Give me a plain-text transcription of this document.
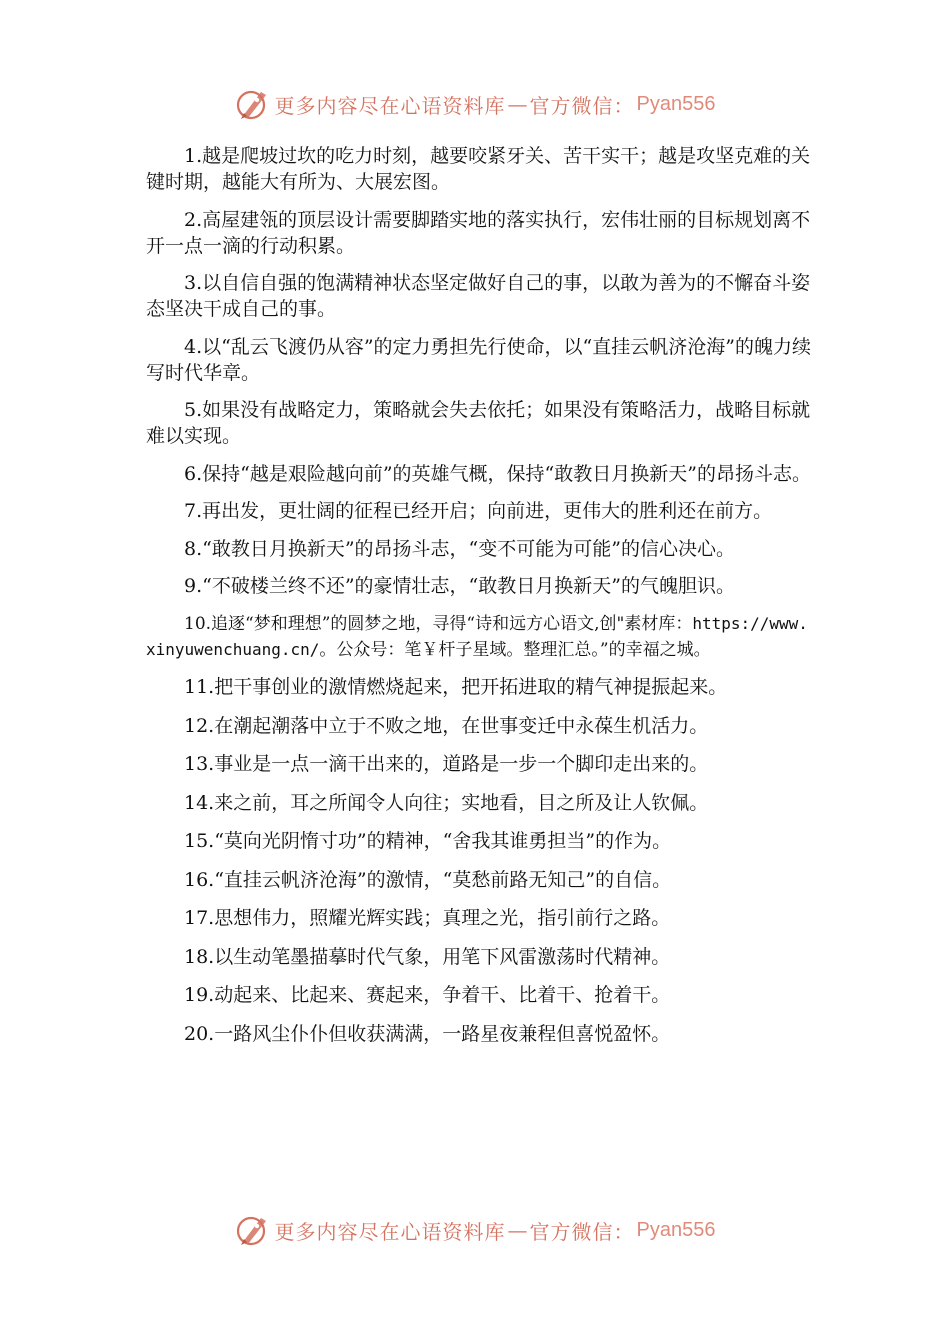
更多内容尽在心语资料库 — 官方微信： Pyan556

1.越是爬坡过坎的吃力时刻，越要咬紧牙关、苦干实干；越是攻坚克难的关键时期，越能大有所为、大展宏图。

2.高屋建瓴的顶层设计需要脚踏实地的落实执行，宏伟壮丽的目标规划离不开一点一滴的行动积累。

3.以自信自强的饱满精神状态坚定做好自己的事，以敢为善为的不懈奋斗姿态坚决干成自己的事。

4.以“乱云飞渡仍从容”的定力勇担先行使命，以“直挂云帆济沧海”的魄力续写时代华章。

5.如果没有战略定力，策略就会失去依托；如果没有策略活力，战略目标就难以实现。

6.保持“越是艰险越向前”的英雄气概，保持“敢教日月换新天”的昂扬斗志。

7.再出发，更壮阔的征程已经开启；向前进，更伟大的胜利还在前方。

8.“敢教日月换新天”的昂扬斗志，“变不可能为可能”的信心决心。

9.“不破楼兰终不还”的豪情壮志，“敢教日月换新天”的气魄胆识。

10.追逐“梦和理想”的圆梦之地，寻得“诗和远方心语文,创"素材库：https://www.xinyuwenchuang.cn/。公众号：笔￥杆子星域。整理汇总。”的幸福之城。

11.把干事创业的激情燃烧起来，把开拓进取的精气神提振起来。

12.在潮起潮落中立于不败之地，在世事变迁中永葆生机活力。

13.事业是一点一滴干出来的，道路是一步一个脚印走出来的。

14.来之前，耳之所闻令人向往；实地看，目之所及让人钦佩。

15.“莫向光阴惰寸功”的精神，“舍我其谁勇担当”的作为。

16.“直挂云帆济沧海”的激情，“莫愁前路无知己”的自信。

17.思想伟力，照耀光辉实践；真理之光，指引前行之路。

18.以生动笔墨描摹时代气象，用笔下风雷激荡时代精神。

19.动起来、比起来、赛起来，争着干、比着干、抢着干。

20.一路风尘仆仆但收获满满，一路星夜兼程但喜悦盈怀。

更多内容尽在心语资料库 — 官方微信： Pyan556
